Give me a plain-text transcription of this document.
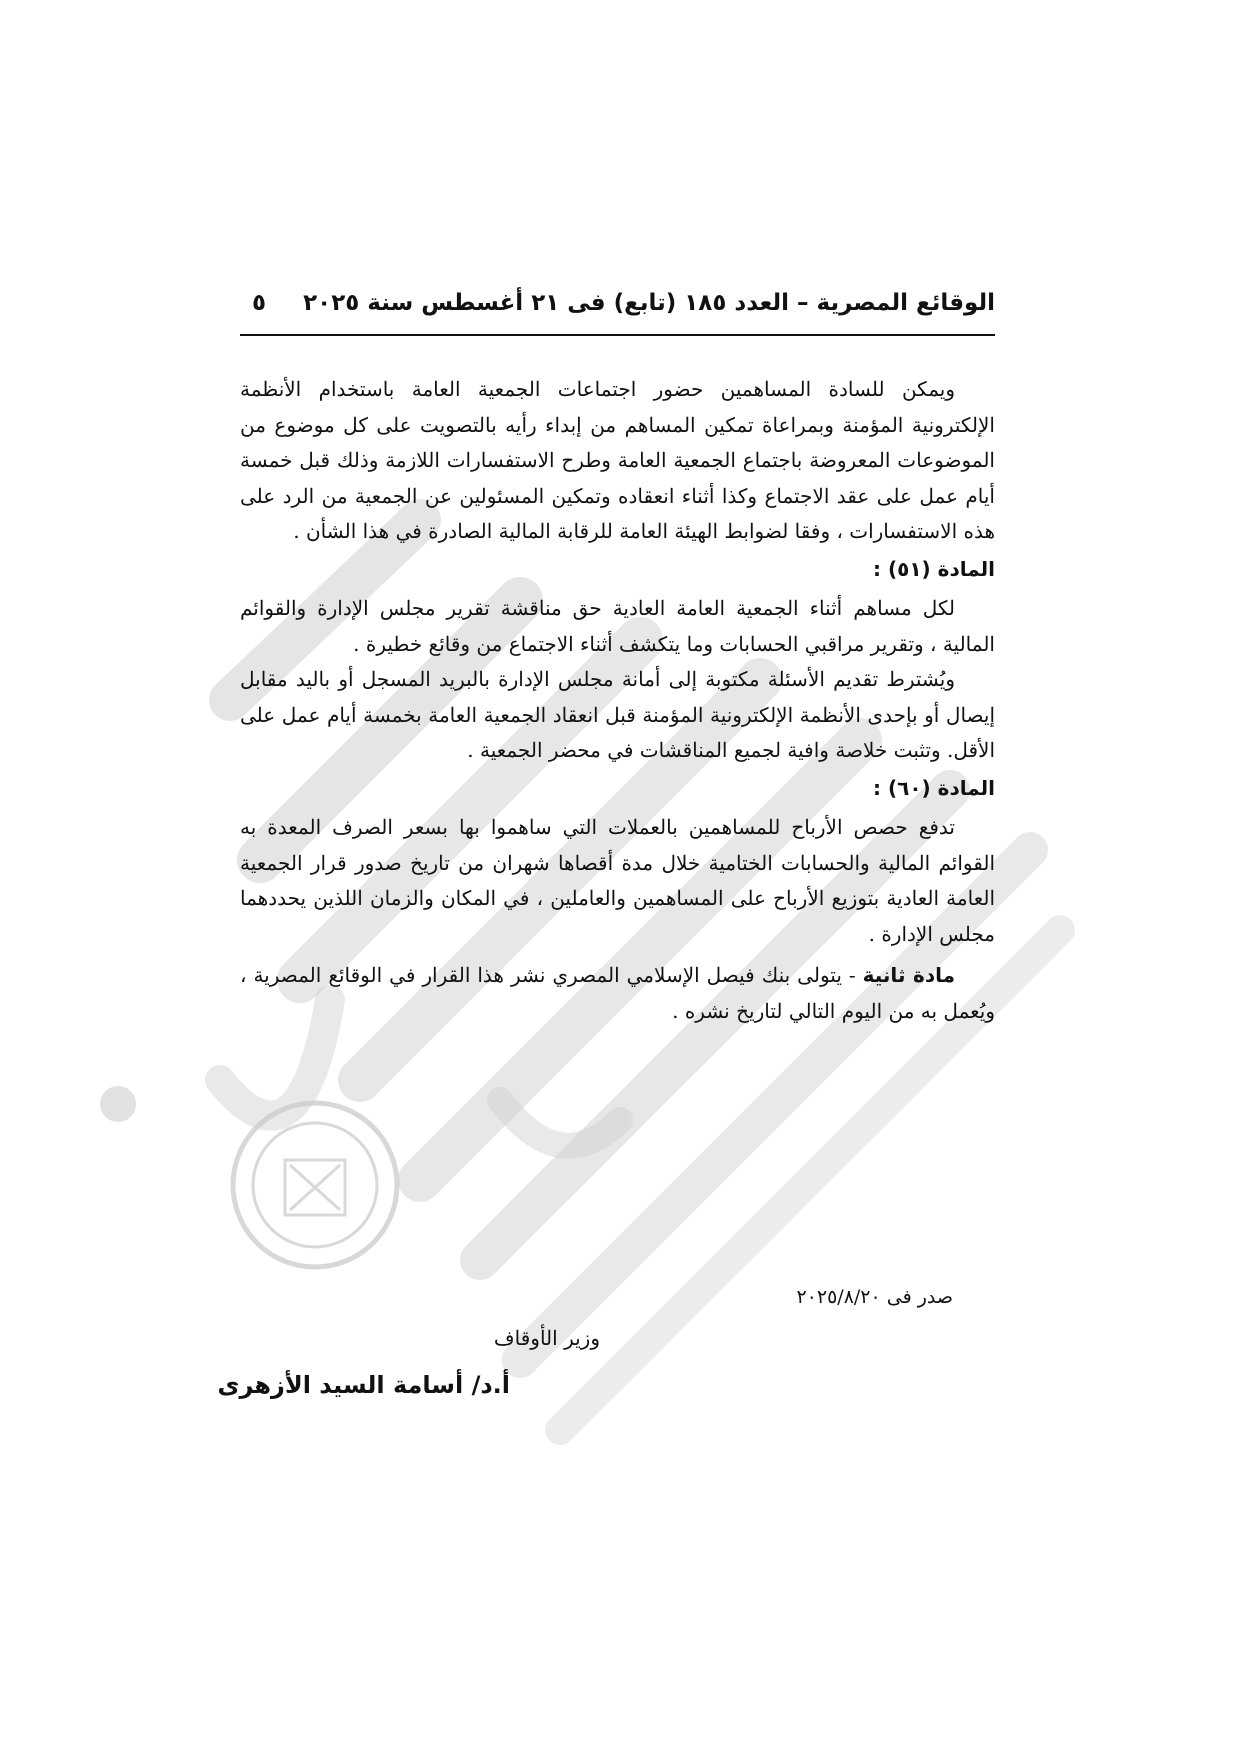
الوقائع المصرية – العدد ١٨٥ (تابع) فى ٢١ أغسطس سنة ٢٠٢٥
٥

ويمكن للسادة المساهمين حضور اجتماعات الجمعية العامة باستخدام الأنظمة الإلكترونية المؤمنة وبمراعاة تمكين المساهم من إبداء رأيه بالتصويت على كل موضوع من الموضوعات المعروضة باجتماع الجمعية العامة وطرح الاستفسارات اللازمة وذلك قبل خمسة أيام عمل على عقد الاجتماع وكذا أثناء انعقاده وتمكين المسئولين عن الجمعية من الرد على هذه الاستفسارات ، وفقا لضوابط الهيئة العامة للرقابة المالية الصادرة في هذا الشأن .

المادة (٥١) :

لكل مساهم أثناء الجمعية العامة العادية حق مناقشة تقرير مجلس الإدارة والقوائم المالية ، وتقرير مراقبي الحسابات وما يتكشف أثناء الاجتماع من وقائع خطيرة .

ويُشترط تقديم الأسئلة مكتوبة إلى أمانة مجلس الإدارة بالبريد المسجل أو باليد مقابل إيصال أو بإحدى الأنظمة الإلكترونية المؤمنة قبل انعقاد الجمعية العامة بخمسة أيام عمل على الأقل. وتثبت خلاصة وافية لجميع المناقشات في محضر الجمعية .

المادة (٦٠) :

تدفع حصص الأرباح للمساهمين بالعملات التي ساهموا بها بسعر الصرف المعدة به القوائم المالية والحسابات الختامية خلال مدة أقصاها شهران من تاريخ صدور قرار الجمعية العامة العادية بتوزيع الأرباح على المساهمين والعاملين ، في المكان والزمان اللذين يحددهما مجلس الإدارة .

مادة ثانية - يتولى بنك فيصل الإسلامي المصري نشر هذا القرار في الوقائع المصرية ، ويُعمل به من اليوم التالي لتاريخ نشره .

صدر فى ٢٠٢٥/٨/٢٠
وزير الأوقاف
أ.د/ أسامة السيد الأزهرى
